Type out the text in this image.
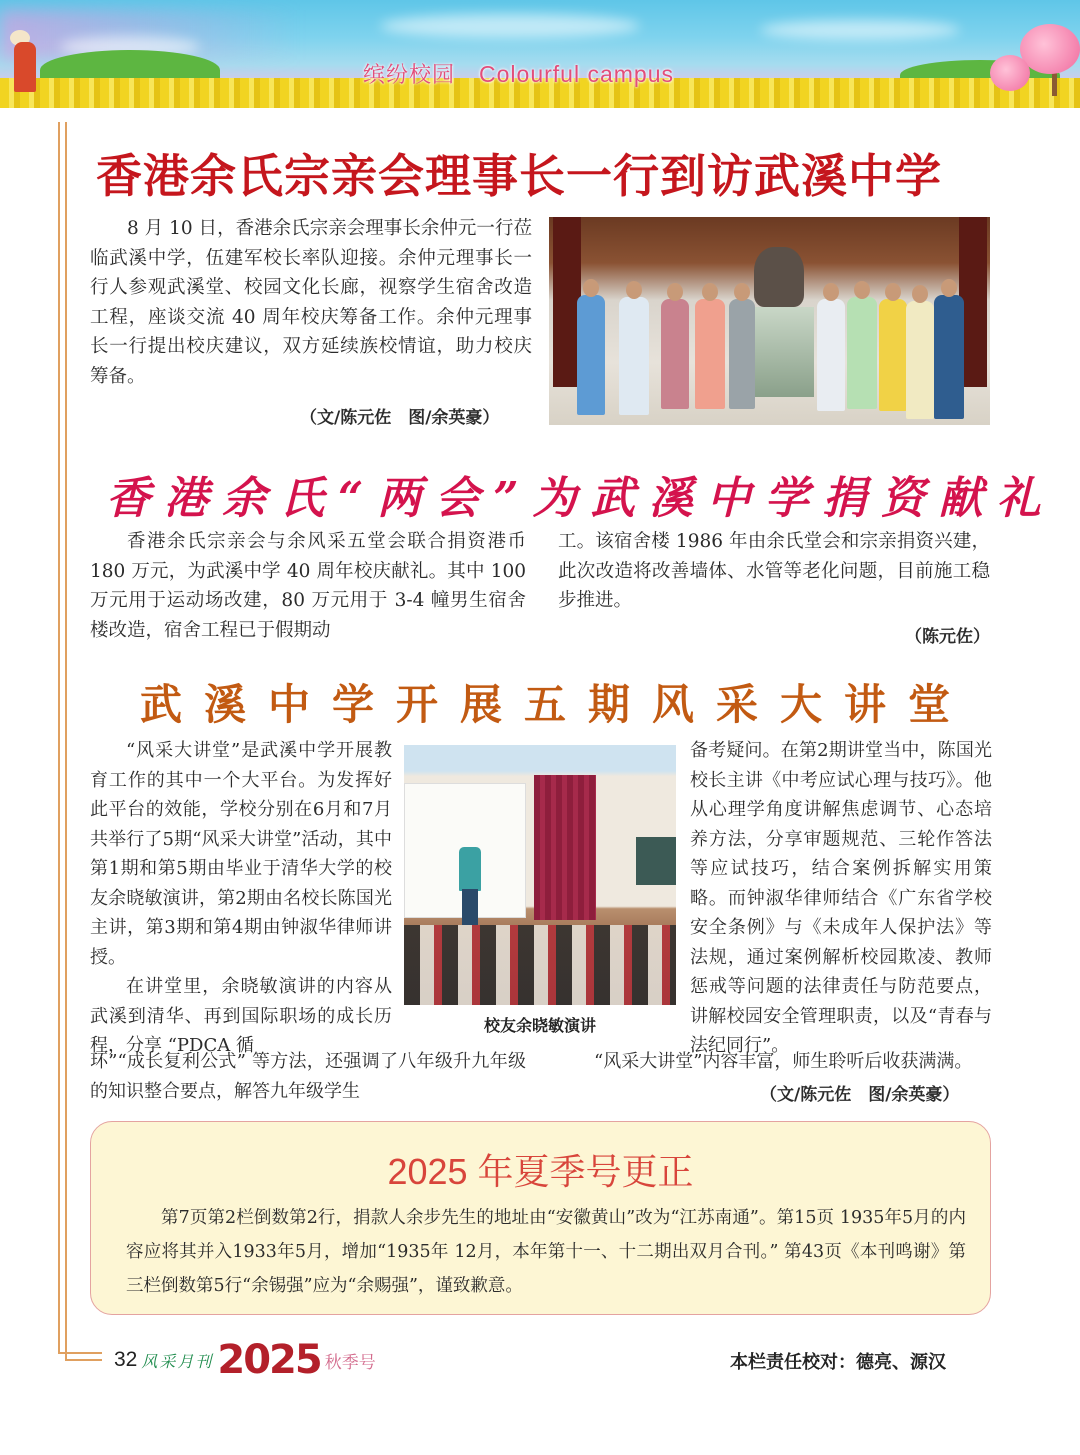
缤纷校园 Colourful campus
香港余氏宗亲会理事长一行到访武溪中学

8 月 10 日，香港余氏宗亲会理事长余仲元一行莅临武溪中学，伍建军校长率队迎接。余仲元理事长一行人参观武溪堂、校园文化长廊，视察学生宿舍改造工程，座谈交流 40 周年校庆筹备工作。余仲元理事长一行提出校庆建议，双方延续族校情谊，助力校庆筹备。

（文/陈元佐　图/余英豪）
香港余氏“两会”为武溪中学捐资献礼

香港余氏宗亲会与余风采五堂会联合捐资港币 180 万元，为武溪中学 40 周年校庆献礼。其中 100 万元用于运动场改建，80 万元用于 3-4 幢男生宿舍楼改造，宿舍工程已于假期动

工。该宿舍楼 1986 年由余氏堂会和宗亲捐资兴建，此次改造将改善墙体、水管等老化问题，目前施工稳步推进。

（陈元佐）
武溪中学开展五期风采大讲堂

“风采大讲堂”是武溪中学开展教育工作的其中一个大平台。为发挥好此平台的效能，学校分别在6月和7月共举行了5期“风采大讲堂”活动，其中第1期和第5期由毕业于清华大学的校友余晓敏演讲，第2期由名校长陈国光主讲，第3期和第4期由钟淑华律师讲授。

在讲堂里，余晓敏演讲的内容从武溪到清华、再到国际职场的成长历程，分享 “PDCA 循

环”“成长复利公式” 等方法，还强调了八年级升九年级的知识整合要点，解答九年级学生

校友余晓敏演讲

备考疑问。在第2期讲堂当中，陈国光校长主讲《中考应试心理与技巧》。他从心理学角度讲解焦虑调节、心态培养方法，分享审题规范、三轮作答法等应试技巧，结合案例拆解实用策略。而钟淑华律师结合《广东省学校安全条例》与《未成年人保护法》等法规，通过案例解析校园欺凌、教师惩戒等问题的法律责任与防范要点，讲解校园安全管理职责，以及“青春与法纪同行”。

“风采大讲堂”内容丰富，师生聆听后收获满满。

（文/陈元佐　图/余英豪）
2025 年夏季号更正

第7页第2栏倒数第2行，捐款人余步先生的地址由“安徽黄山”改为“江苏南通”。第15页 1935年5月的内容应将其并入1933年5月，增加“1935年 12月，本年第十一、十二期出双月合刊。” 第43页《本刊鸣谢》第三栏倒数第5行“余锡强”应为“余赐强”，谨致歉意。

32 风采月刊 2025 秋季号	本栏责任校对：德亮、源汉
